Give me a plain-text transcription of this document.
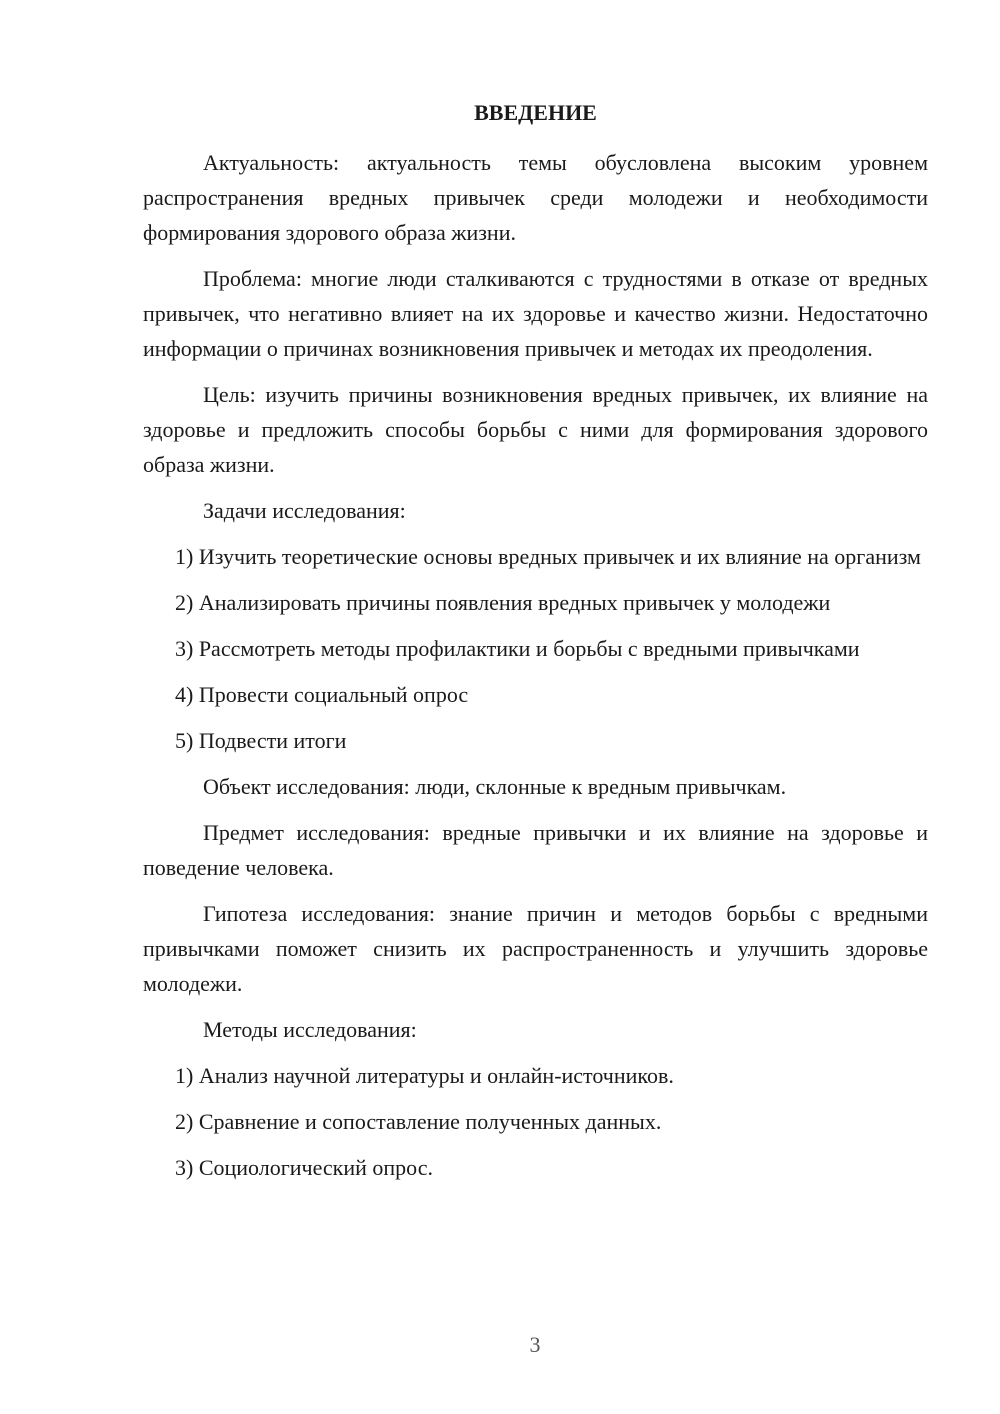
ВВЕДЕНИЕ

Актуальность: актуальность темы обусловлена высоким уровнем распространения вредных привычек среди молодежи и необходимости формирования здорового образа жизни.

Проблема: многие люди сталкиваются с трудностями в отказе от вредных привычек, что негативно влияет на их здоровье и качество жизни. Недостаточно информации о причинах возникновения привычек и методах их преодоления.

Цель: изучить причины возникновения вредных привычек, их влияние на здоровье и предложить способы борьбы с ними для формирования здорового образа жизни.

Задачи исследования:

1) Изучить теоретические основы вредных привычек и их влияние на организм

2) Анализировать причины появления вредных привычек у молодежи

3) Рассмотреть методы профилактики и борьбы с вредными привычками

4) Провести социальный опрос

5) Подвести итоги

Объект исследования: люди, склонные к вредным привычкам.

Предмет исследования: вредные привычки и их влияние на здоровье и поведение человека.

Гипотеза исследования: знание причин и методов борьбы с вредными привычками поможет снизить их распространенность и улучшить здоровье молодежи.

Методы исследования:

1) Анализ научной литературы и онлайн-источников.

2) Сравнение и сопоставление полученных данных.

3) Социологический опрос.

3
